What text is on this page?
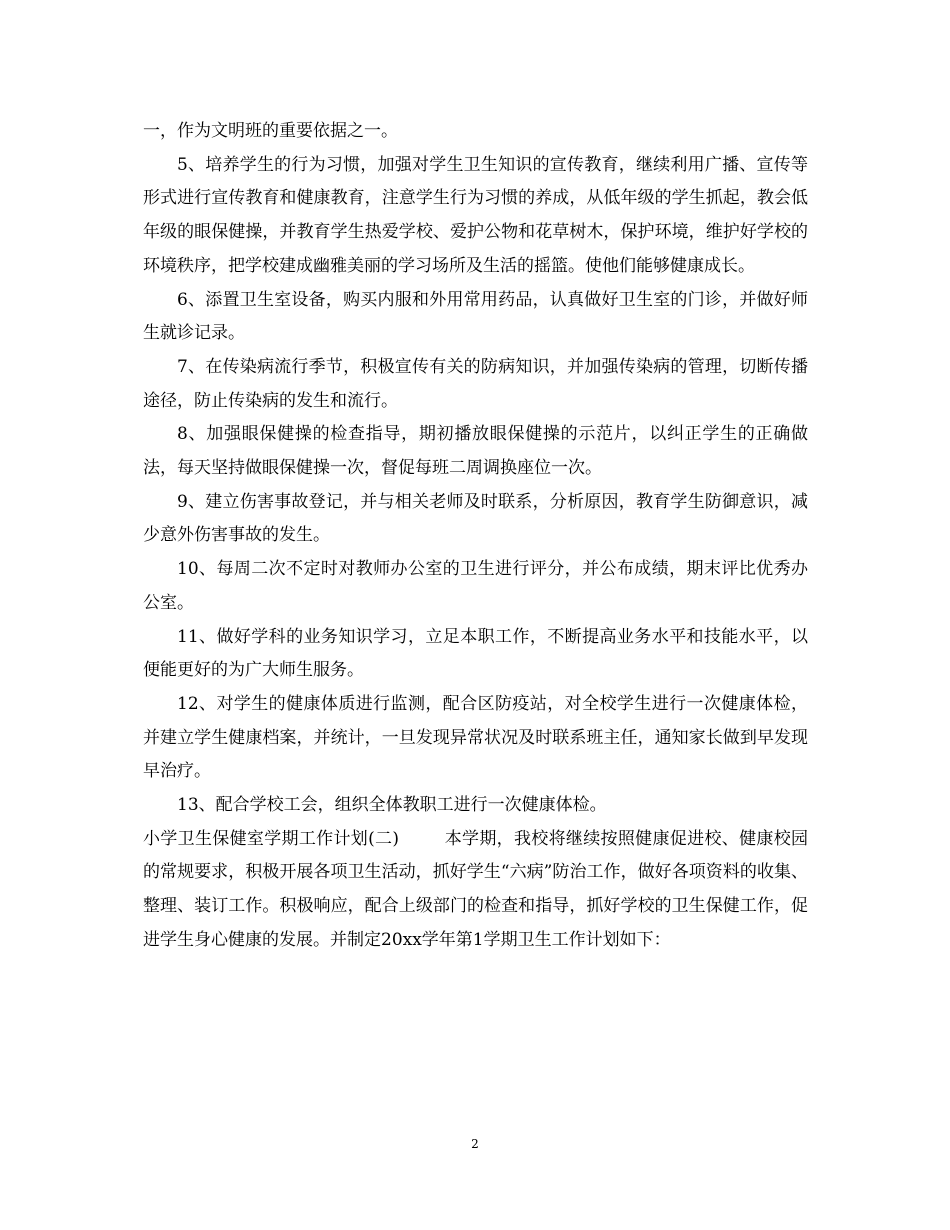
一，作为文明班的重要依据之一。

5、培养学生的行为习惯，加强对学生卫生知识的宣传教育，继续利用广播、宣传等形式进行宣传教育和健康教育，注意学生行为习惯的养成，从低年级的学生抓起，教会低年级的眼保健操，并教育学生热爱学校、爱护公物和花草树木，保护环境，维护好学校的环境秩序，把学校建成幽雅美丽的学习场所及生活的摇篮。使他们能够健康成长。

6、添置卫生室设备，购买内服和外用常用药品，认真做好卫生室的门诊，并做好师生就诊记录。

7、在传染病流行季节，积极宣传有关的防病知识，并加强传染病的管理，切断传播途径，防止传染病的发生和流行。

8、加强眼保健操的检查指导，期初播放眼保健操的示范片，以纠正学生的正确做法，每天坚持做眼保健操一次，督促每班二周调换座位一次。

9、建立伤害事故登记，并与相关老师及时联系，分析原因，教育学生防御意识，减少意外伤害事故的发生。

10、每周二次不定时对教师办公室的卫生进行评分，并公布成绩，期末评比优秀办公室。

11、做好学科的业务知识学习，立足本职工作，不断提高业务水平和技能水平，以便能更好的为广大师生服务。

12、对学生的健康体质进行监测，配合区防疫站，对全校学生进行一次健康体检，并建立学生健康档案，并统计，一旦发现异常状况及时联系班主任，通知家长做到早发现早治疗。

13、配合学校工会，组织全体教职工进行一次健康体检。

小学卫生保健室学期工作计划(二)	本学期，我校将继续按照健康促进校、健康校园的常规要求，积极开展各项卫生活动，抓好学生“六病”防治工作，做好各项资料的收集、整理、装订工作。积极响应，配合上级部门的检查和指导，抓好学校的卫生保健工作，促进学生身心健康的发展。并制定20xx学年第1学期卫生工作计划如下：

2
